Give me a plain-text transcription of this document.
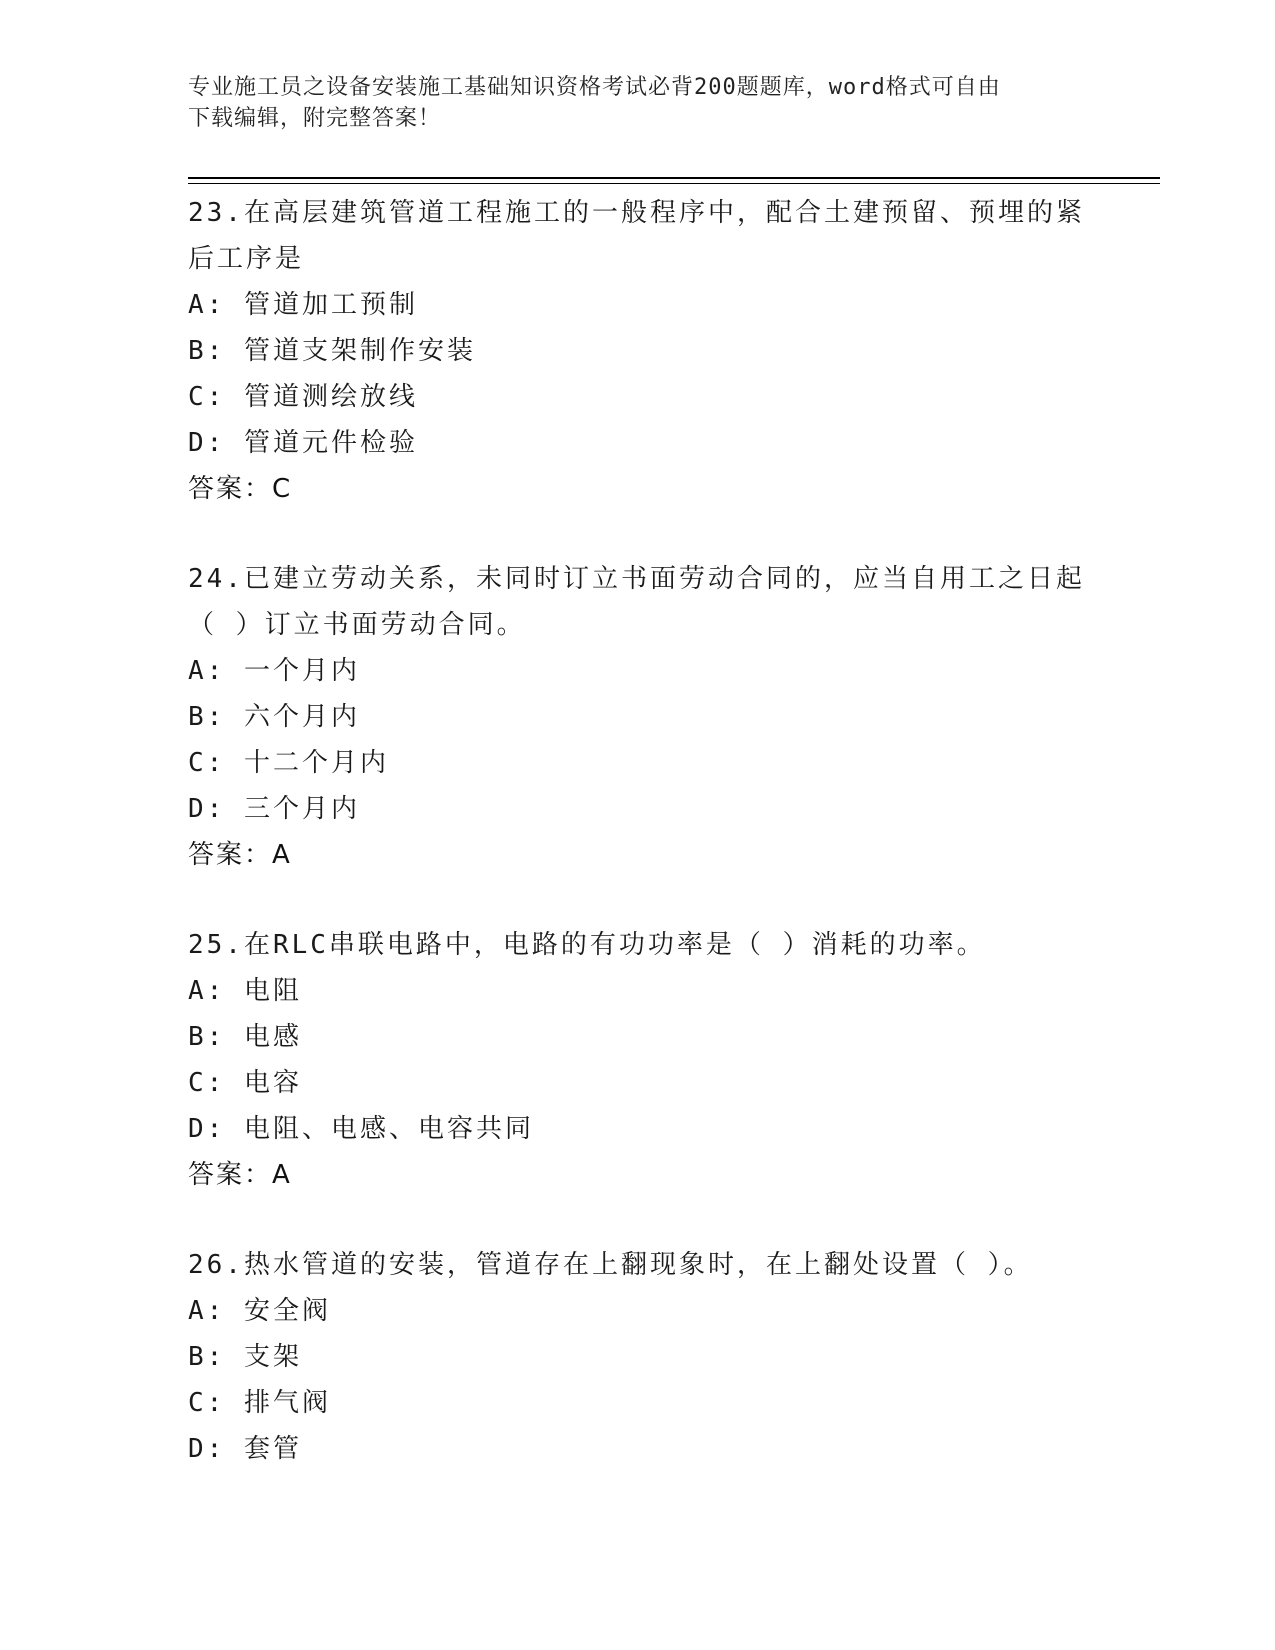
专业施工员之设备安装施工基础知识资格考试必背200题题库，word格式可自由
下载编辑，附完整答案！

23.在高层建筑管道工程施工的一般程序中，配合土建预留、预埋的紧后工序是

A: 管道加工预制

B: 管道支架制作安装

C: 管道测绘放线

D: 管道元件检验

答案：C

24.已建立劳动关系，未同时订立书面劳动合同的，应当自用工之日起（ ）订立书面劳动合同。

A: 一个月内

B: 六个月内

C: 十二个月内

D: 三个月内

答案：A

25.在RLC串联电路中，电路的有功功率是（ ）消耗的功率。

A: 电阻

B: 电感

C: 电容

D: 电阻、电感、电容共同

答案：A

26.热水管道的安装，管道存在上翻现象时，在上翻处设置（ ）。

A: 安全阀

B: 支架

C: 排气阀

D: 套管
